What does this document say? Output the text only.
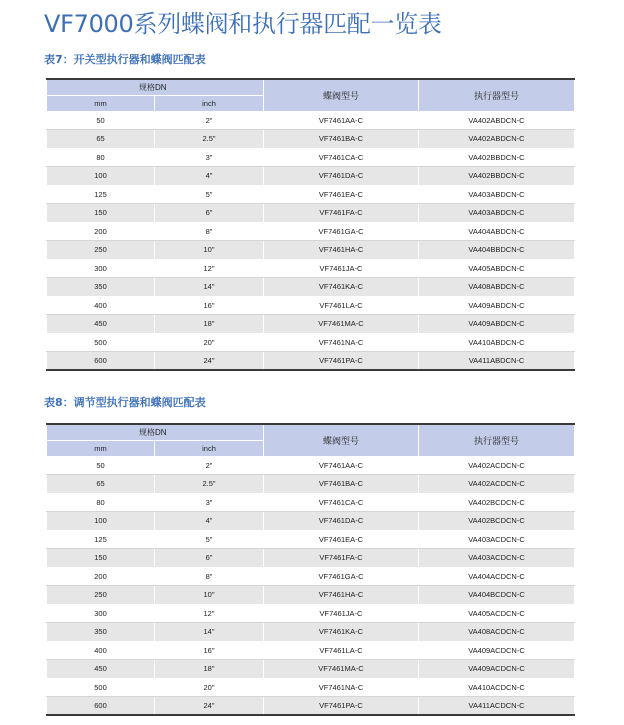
VF7000系列蝶阀和执行器匹配一览表
表7：开关型执行器和蝶阀匹配表
规格DN		蝶阀型号	执行器型号
mm	inch		
50	2"	VF7461AA-C	VA402ABDCN-C
65	2.5"	VF7461BA-C	VA402ABDCN-C
80	3"	VF7461CA-C	VA402BBDCN-C
100	4"	VF7461DA-C	VA402BBDCN-C
125	5"	VF7461EA-C	VA403ABDCN-C
150	6"	VF7461FA-C	VA403ABDCN-C
200	8"	VF7461GA-C	VA404ABDCN-C
250	10"	VF7461HA-C	VA404BBDCN-C
300	12"	VF7461JA-C	VA405ABDCN-C
350	14"	VF7461KA-C	VA408ABDCN-C
400	16"	VF7461LA-C	VA409ABDCN-C
450	18"	VF7461MA-C	VA409ABDCN-C
500	20"	VF7461NA-C	VA410ABDCN-C
600	24"	VF7461PA-C	VA411ABDCN-C
表8：调节型执行器和蝶阀匹配表
规格DN		蝶阀型号	执行器型号
mm	inch		
50	2"	VF7461AA-C	VA402ACDCN-C
65	2.5"	VF7461BA-C	VA402ACDCN-C
80	3"	VF7461CA-C	VA402BCDCN-C
100	4"	VF7461DA-C	VA402BCDCN-C
125	5"	VF7461EA-C	VA403ACDCN-C
150	6"	VF7461FA-C	VA403ACDCN-C
200	8"	VF7461GA-C	VA404ACDCN-C
250	10"	VF7461HA-C	VA404BCDCN-C
300	12"	VF7461JA-C	VA405ACDCN-C
350	14"	VF7461KA-C	VA408ACDCN-C
400	16"	VF7461LA-C	VA409ACDCN-C
450	18"	VF7461MA-C	VA409ACDCN-C
500	20"	VF7461NA-C	VA410ACDCN-C
600	24"	VF7461PA-C	VA411ACDCN-C
